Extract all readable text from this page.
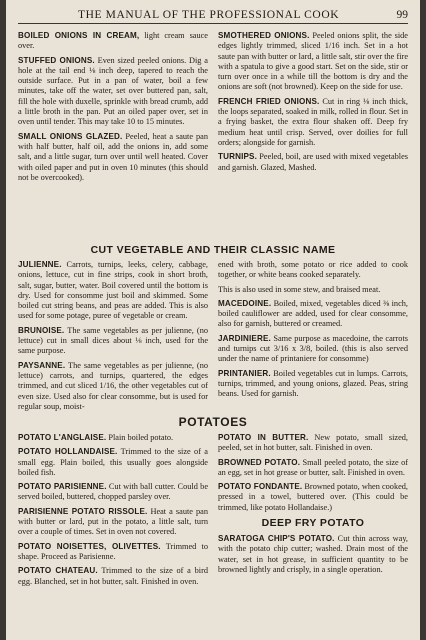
THE MANUAL OF THE PROFESSIONAL COOK	99

BOILED ONIONS IN CREAM, light cream sauce over.

STUFFED ONIONS. Even sized peeled onions. Dig a hole at the tail end ⅛ inch deep, tapered to reach the outside surface. Put in a pan of water, boil a few minutes, take off the water, set over buttered pan, salt, fill the hole with duxelle, sprinkle with bread crumb, add a little broth in the pan. Put an oiled paper over, set in oven until tender. This may take 10 to 15 minutes.

SMALL ONIONS GLAZED. Peeled, heat a saute pan with half butter, half oil, add the onions in, add some salt, and a little sugar, turn over until well heated. Cover with oiled paper and put in oven 10 minutes (this should not be overcooked).

SMOTHERED ONIONS. Peeled onions split, the side edges lightly trimmed, sliced 1/16 inch. Set in a hot saute pan with butter or lard, a little salt, stir over the fire with a spatula to give a good start. Set on the side, stir or turn over once in a while till the bottom is dry and the onions are soft (not browned). Keep on the side for use.

FRENCH FRIED ONIONS. Cut in ring ⅛ inch thick, the loops separated, soaked in milk, rolled in flour. Set in a frying basket, the extra flour shaken off. Deep fry medium heat until crisp. Served, over doilies for full orders; alongside for garnish.

TURNIPS. Peeled, boil, are used with mixed vegetables and garnish. Glazed, Mashed.

CUT VEGETABLE AND THEIR CLASSIC NAME

JULIENNE. Carrots, turnips, leeks, celery, cabbage, onions, lettuce, cut in fine strips, cook in short broth, salt, sugar, butter, water. Boil covered until the bottom is dry. Used for consomme just boil and skimmed. Some boiled cut string beans, and peas are added. This is also used for some potage, puree of vegetable or cream.

BRUNOISE. The same vegetables as per julienne, (no lettuce) cut in small dices about ⅛ inch, used for the same purpose.

PAYSANNE. The same vegetables as per julienne, (no lettuce) carrots, and turnips, quartered, the edges trimmed, and cut sliced 1/16, the other vegetables cut of even size. Used also for clear consomme, but is used for regular soup, moist-

ened with broth, some potato or rice added to cook together, or white beans cooked separately.

This is also used in some stew, and braised meat.

MACEDOINE. Boiled, mixed, vegetables diced ⅜ inch, boiled cauliflower are added, used for clear consomme, also for garnish, buttered or creamed.

JARDINIERE. Same purpose as macedoine, the carrots and turnips cut 3/16 x 3/8, boiled. (this is also served under the name of printaniere for consomme)

PRINTANIER. Boiled vegetables cut in lumps. Carrots, turnips, trimmed, and young onions, glazed. Peas, string beans. Used for garnish.

POTATOES

POTATO L'ANGLAISE. Plain boiled potato.

POTATO HOLLANDAISE. Trimmed to the size of a small egg. Plain boiled, this usually goes alongside boiled fish.

POTATO PARISIENNE. Cut with ball cutter. Could be served boiled, buttered, chopped parsley over.

PARISIENNE POTATO RISSOLE. Heat a saute pan with butter or lard, put in the potato, a little salt, turn over a couple of times. Set in oven not covered.

POTATO NOISETTES, OLIVETTES. Trimmed to shape. Proceed as Parisienne.

POTATO CHATEAU. Trimmed to the size of a bird egg. Blanched, set in hot butter, salt. Finished in oven.

POTATO IN BUTTER. New potato, small sized, peeled, set in hot butter, salt. Finished in oven.

BROWNED POTATO. Small peeled potato, the size of an egg, set in hot grease or butter, salt. Finished in oven.

POTATO FONDANTE. Browned potato, when cooked, pressed in a towel, buttered over. (This could be trimmed, like potato Hollandaise.)

DEEP FRY POTATO

SARATOGA CHIP'S POTATO. Cut thin across way, with the potato chip cutter; washed. Drain most of the water, set in hot grease, in sufficient quantity to be browned lightly and crisply, in a single operation.
